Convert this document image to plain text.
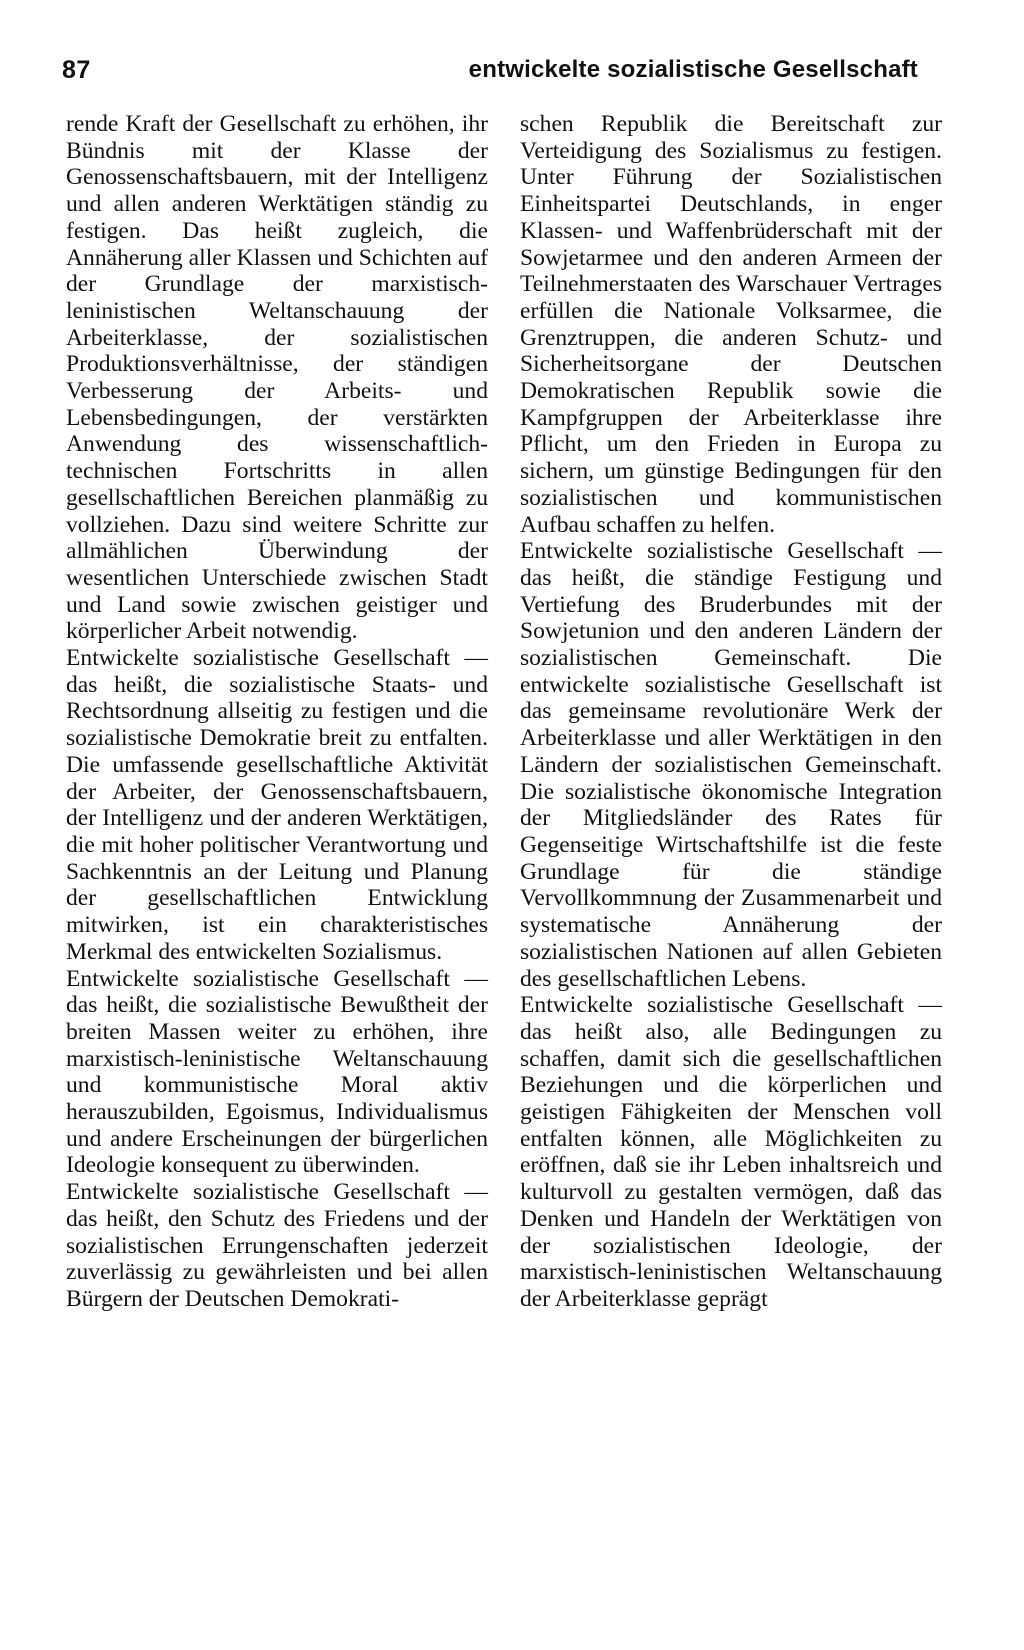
87	entwickelte sozialistische Gesellschaft

rende Kraft der Gesellschaft zu erhöhen, ihr Bündnis mit der Klasse der Genossenschaftsbauern, mit der Intelligenz und allen anderen Werktätigen ständig zu festigen. Das heißt zugleich, die Annäherung aller Klassen und Schichten auf der Grundlage der marxistisch-leninistischen Weltanschauung der Arbeiterklasse, der sozialistischen Produktionsverhältnisse, der ständigen Verbesserung der Arbeits- und Lebensbedingungen, der verstärkten Anwendung des wissenschaftlich-technischen Fortschritts in allen gesellschaftlichen Bereichen planmäßig zu vollziehen. Dazu sind weitere Schritte zur allmählichen Überwindung der wesentlichen Unterschiede zwischen Stadt und Land sowie zwischen geistiger und körperlicher Arbeit notwendig.

Entwickelte sozialistische Gesellschaft — das heißt, die sozialistische Staats- und Rechtsordnung allseitig zu festigen und die sozialistische Demokratie breit zu entfalten. Die umfassende gesellschaftliche Aktivität der Arbeiter, der Genossenschaftsbauern, der Intelligenz und der anderen Werktätigen, die mit hoher politischer Verantwortung und Sachkenntnis an der Leitung und Planung der gesellschaftlichen Entwicklung mitwirken, ist ein charakteristisches Merkmal des entwickelten Sozialismus.

Entwickelte sozialistische Gesellschaft — das heißt, die sozialistische Bewußtheit der breiten Massen weiter zu erhöhen, ihre marxistisch-leninistische Weltanschauung und kommunistische Moral aktiv herauszubilden, Egoismus, Individualismus und andere Erscheinungen der bürgerlichen Ideologie konsequent zu überwinden.

Entwickelte sozialistische Gesellschaft — das heißt, den Schutz des Friedens und der sozialistischen Errungenschaften jederzeit zuverlässig zu gewährleisten und bei allen Bürgern der Deutschen Demokrati-

schen Republik die Bereitschaft zur Verteidigung des Sozialismus zu festigen. Unter Führung der Sozialistischen Einheitspartei Deutschlands, in enger Klassen- und Waffenbrüderschaft mit der Sowjetarmee und den anderen Armeen der Teilnehmerstaaten des Warschauer Vertrages erfüllen die Nationale Volksarmee, die Grenztruppen, die anderen Schutz- und Sicherheitsorgane der Deutschen Demokratischen Republik sowie die Kampfgruppen der Arbeiterklasse ihre Pflicht, um den Frieden in Europa zu sichern, um günstige Bedingungen für den sozialistischen und kommunistischen Aufbau schaffen zu helfen.

Entwickelte sozialistische Gesellschaft — das heißt, die ständige Festigung und Vertiefung des Bruderbundes mit der Sowjetunion und den anderen Ländern der sozialistischen Gemeinschaft. Die entwickelte sozialistische Gesellschaft ist das gemeinsame revolutionäre Werk der Arbeiterklasse und aller Werktätigen in den Ländern der sozialistischen Gemeinschaft. Die sozialistische ökonomische Integration der Mitgliedsländer des Rates für Gegenseitige Wirtschaftshilfe ist die feste Grundlage für die ständige Vervollkommnung der Zusammenarbeit und systematische Annäherung der sozialistischen Nationen auf allen Gebieten des gesellschaftlichen Lebens.

Entwickelte sozialistische Gesellschaft — das heißt also, alle Bedingungen zu schaffen, damit sich die gesellschaftlichen Beziehungen und die körperlichen und geistigen Fähigkeiten der Menschen voll entfalten können, alle Möglichkeiten zu eröffnen, daß sie ihr Leben inhaltsreich und kulturvoll zu gestalten vermögen, daß das Denken und Handeln der Werktätigen von der sozialistischen Ideologie, der marxistisch-leninistischen Weltanschauung der Arbeiterklasse geprägt
